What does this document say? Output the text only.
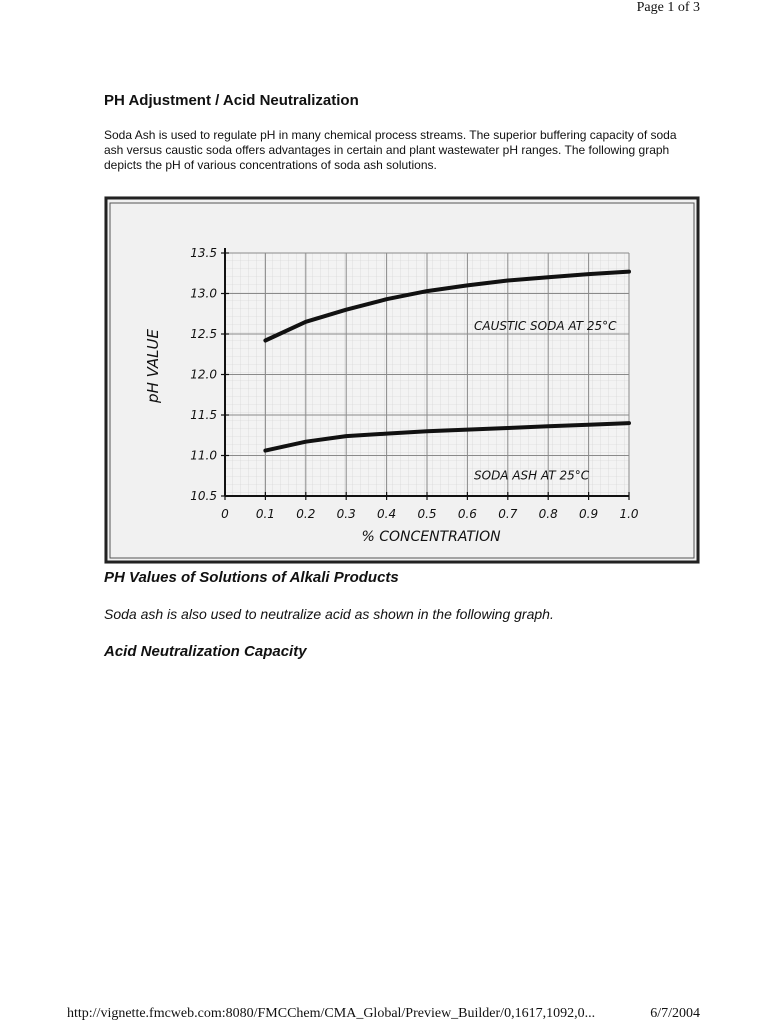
Page 1 of 3
PH Adjustment / Acid Neutralization

Soda Ash is used to regulate pH in many chemical process streams. The superior buffering capacity of soda
ash versus caustic soda offers advantages in certain and plant wastewater pH ranges. The following graph
depicts the pH of various concentrations of soda ash solutions.

0 0.1 0.2 0.3 0.4 0.5 0.6 0.7 0.8 0.9 1.0
10.5
11.0
11.5
12.0
12.5
13.0
13.5
CAUSTIC SODA AT 25°C
SODA ASH AT 25°C
pH VALUE
% CONCENTRATION
PH Values of Solutions of Alkali Products

Soda ash is also used to neutralize acid as shown in the following graph.

Acid Neutralization Capacity
http://vignette.fmcweb.com:8080/FMCChem/CMA_Global/Preview_Builder/0,1617,1092,0...	6/7/2004
